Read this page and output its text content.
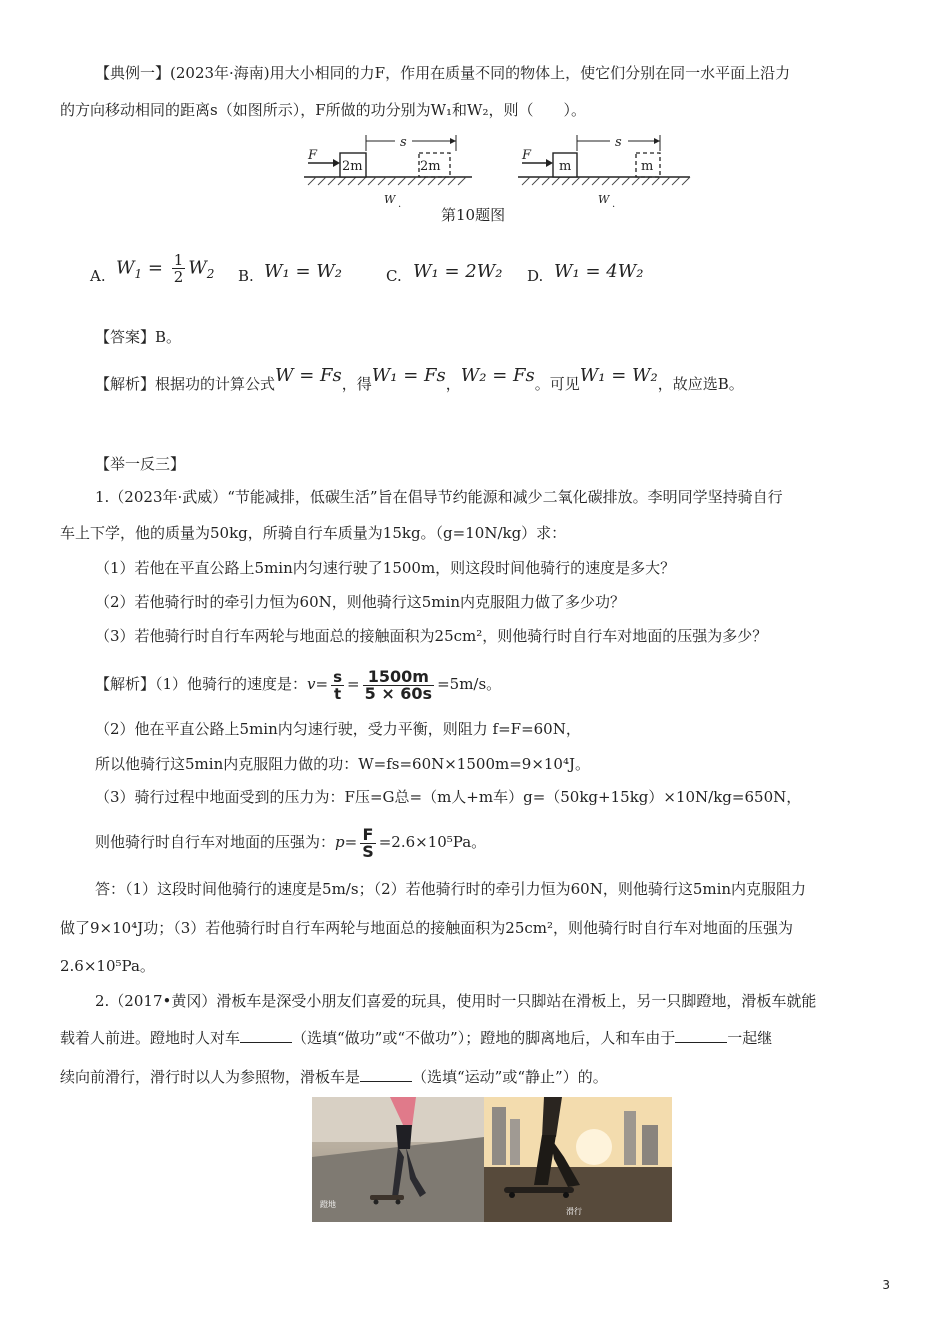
【典例一】(2023年·海南)用大小相同的力F，作用在质量不同的物体上，使它们分别在同一水平面上沿力
的方向移动相同的距离s（如图所示），F所做的功分别为W₁和W₂，则（　　）。
F
2m
s
2m
W .
F
m
s
m
W .
第10题图
A. $W_1 = \frac{1}{2} W_2$ B. W₁ = W₂	C. W₁ = 2W₂ D. W₁ = 4W₂
【答案】B。
【解析】根据功的计算公式W = Fs，得W₁ = Fs，W₂ = Fs。可见W₁ = W₂，故应选B。
【举一反三】
1.（2023年·武威）“节能减排，低碳生活”旨在倡导节约能源和减少二氧化碳排放。李明同学坚持骑自行
车上下学，他的质量为50kg，所骑自行车质量为15kg。（g=10N/kg）求：
（1）若他在平直公路上5min内匀速行驶了1500m，则这段时间他骑行的速度是多大？
（2）若他骑行时的牵引力恒为60N，则他骑行这5min内克服阻力做了多少功？
（3）若他骑行时自行车两轮与地面总的接触面积为25cm²，则他骑行时自行车对地面的压强为多少？
【解析】（1）他骑行的速度是：$v= \frac{s}{t} = \frac{1500m}{5 \times 60s} =5m/s$。
（2）他在平直公路上5min内匀速行驶，受力平衡，则阻力 f=F=60N，
所以他骑行这5min内克服阻力做的功：W=fs=60N×1500m=9×10⁴J。
（3）骑行过程中地面受到的压力为：F压=G总=（m人+m车）g=（50kg+15kg）×10N/kg=650N，
则他骑行时自行车对地面的压强为：$p= \frac{F}{S} =2.6\times 10^5Pa$。
答：（1）这段时间他骑行的速度是5m/s；（2）若他骑行时的牵引力恒为60N，则他骑行这5min内克服阻力
做了9×10⁴J功；（3）若他骑行时自行车两轮与地面总的接触面积为25cm²，则他骑行时自行车对地面的压强为
2.6×10⁵Pa。
2.（2017•黄冈）滑板车是深受小朋友们喜爱的玩具，使用时一只脚站在滑板上，另一只脚蹬地，滑板车就能
载着人前进。蹬地时人对车	（选填“做功”或“不做功”）；蹬地的脚离地后，人和车由于	一起继
续向前滑行，滑行时以人为参照物，滑板车是	（选填“运动”或“静止”）的。
蹬地
滑行
3
